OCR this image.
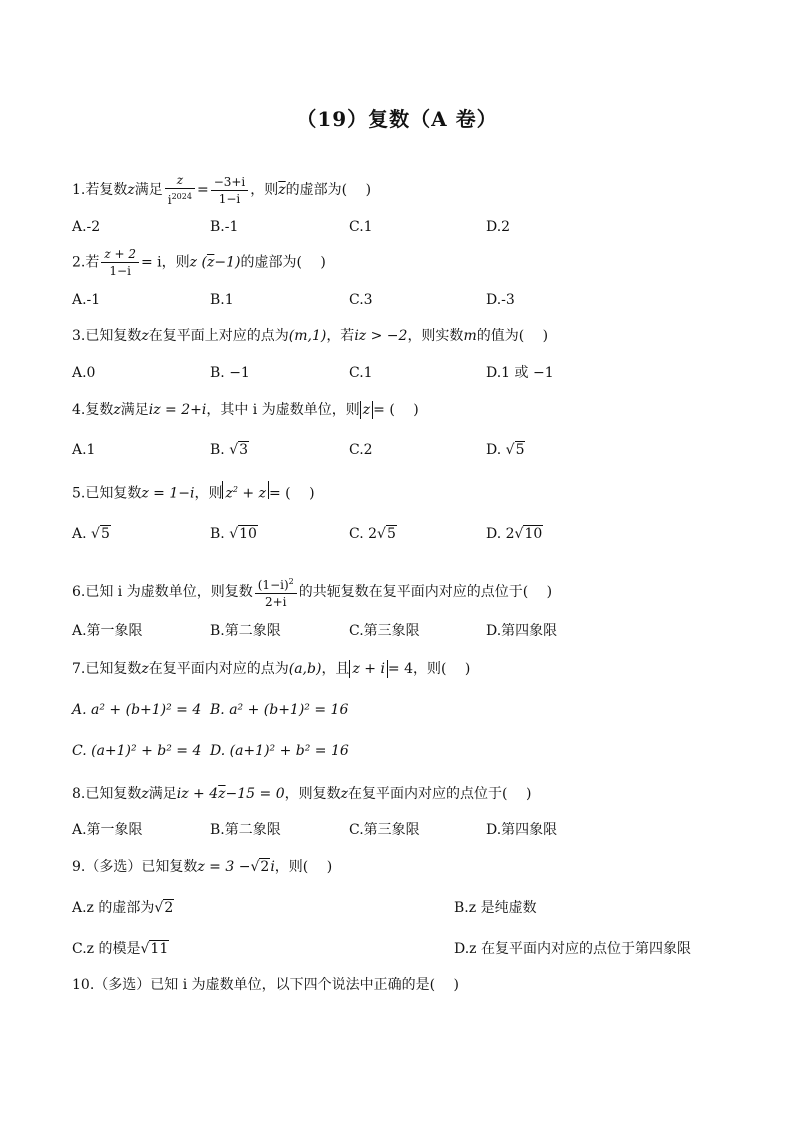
（19）复数（A 卷）
1.若复数z满足 $\frac{z}{i^{2024}} = \frac{-3+i}{1-i}$ ，则$\overline{z}$的虚部为(　 )
A.-2	B.-1	C.1	D.2
2.若 $\frac{z + 2}{1-i} = i$，则z $(\overline{z}-1)$的虚部为(　 )
A.-1	B.1	C.3	D.-3
3.已知复数z在复平面上对应的点为(m,1)，若iz > −2，则实数m的值为(　 )
A.0	B. −1	C.1	D.1 或 −1
4.复数z满足iz = 2+i，其中 i 为虚数单位，则 z = (　 )
A.1	B. √3	C.2	D. √5
5.已知复数z = 1−i，则 $z^2 + z$ = (　 )
A. √5	B. √10	C. 2√5	D. 2√10
6.已知 i 为虚数单位，则复数 $\frac{(1-i)^2}{2+i}$ 的共轭复数在复平面内对应的点位于(　 )
A.第一象限	B.第二象限	C.第三象限	D.第四象限
7.已知复数z在复平面内对应的点为(a,b)，且 z + i = 4，则(　 )
A. a² + (b+1)² = 4 B. a² + (b+1)² = 16
C. (a+1)² + b² = 4 D. (a+1)² + b² = 16
8.已知复数z满足iz + $4\overline{z}-15 = 0$，则复数z在复平面内对应的点位于(　 )
A.第一象限	B.第二象限	C.第三象限	D.第四象限
9.（多选）已知复数z = 3 −√2i，则(　 )
A.z 的虚部为√2	B.z 是纯虚数
C.z 的模是√11	D.z 在复平面内对应的点位于第四象限
10.（多选）已知 i 为虚数单位，以下四个说法中正确的是(　 )
